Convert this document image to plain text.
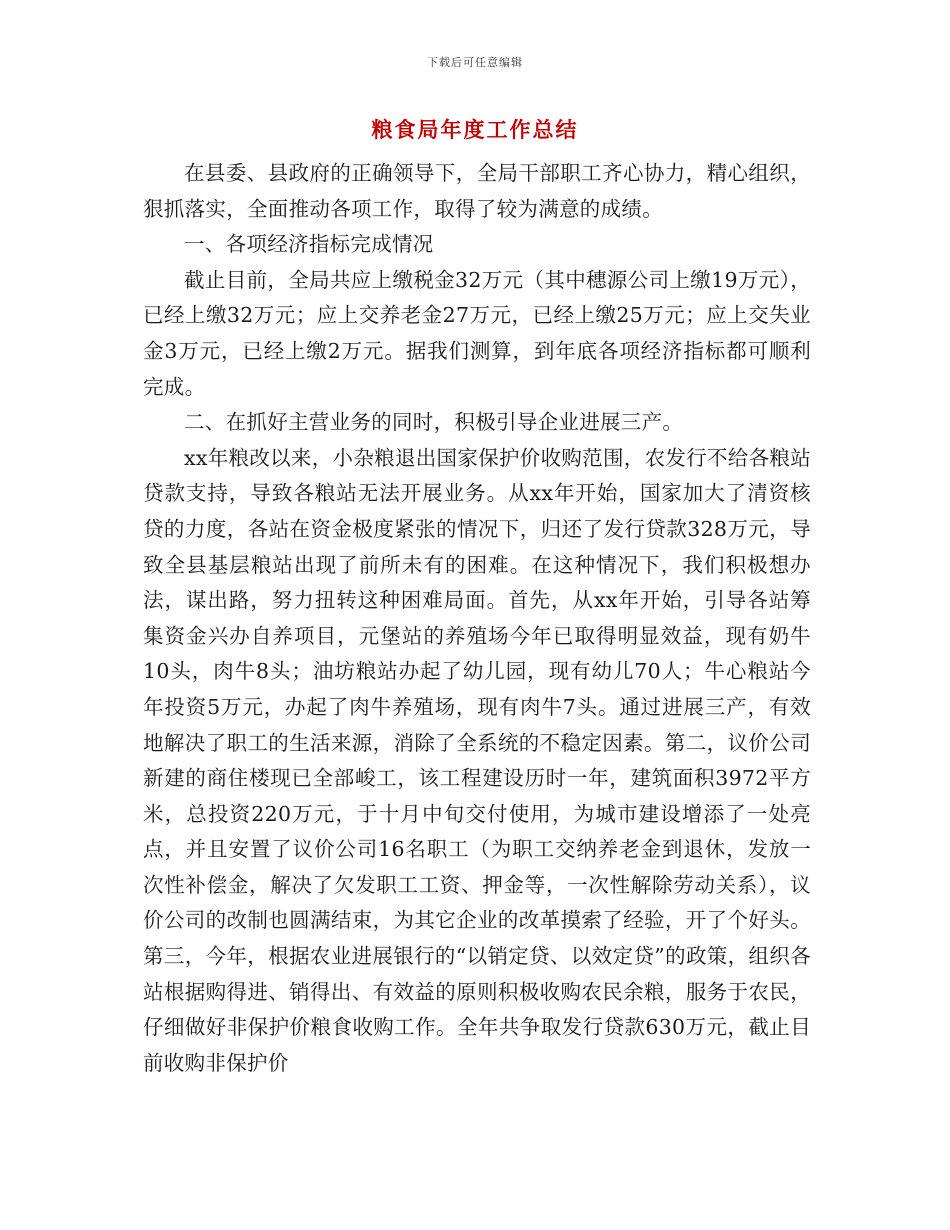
下载后可任意编辑
粮食局年度工作总结

在县委、县政府的正确领导下，全局干部职工齐心协力，精心组织，狠抓落实，全面推动各项工作，取得了较为满意的成绩。

一、各项经济指标完成情况

截止目前，全局共应上缴税金32万元（其中穗源公司上缴19万元），已经上缴32万元；应上交养老金27万元，已经上缴25万元；应上交失业金3万元，已经上缴2万元。据我们测算，到年底各项经济指标都可顺利完成。

二、在抓好主营业务的同时，积极引导企业进展三产。

xx年粮改以来，小杂粮退出国家保护价收购范围，农发行不给各粮站贷款支持，导致各粮站无法开展业务。从xx年开始，国家加大了清资核贷的力度，各站在资金极度紧张的情况下，归还了发行贷款328万元，导致全县基层粮站出现了前所未有的困难。在这种情况下，我们积极想办法，谋出路，努力扭转这种困难局面。首先，从xx年开始，引导各站筹集资金兴办自养项目，元堡站的养殖场今年已取得明显效益，现有奶牛10头，肉牛8头；油坊粮站办起了幼儿园，现有幼儿70人；牛心粮站今年投资5万元，办起了肉牛养殖场，现有肉牛7头。通过进展三产，有效地解决了职工的生活来源，消除了全系统的不稳定因素。第二，议价公司新建的商住楼现已全部峻工，该工程建设历时一年，建筑面积3972平方米，总投资220万元，于十月中旬交付使用，为城市建设增添了一处亮点，并且安置了议价公司16名职工（为职工交纳养老金到退休，发放一次性补偿金，解决了欠发职工工资、押金等，一次性解除劳动关系），议价公司的改制也圆满结束，为其它企业的改革摸索了经验，开了个好头。第三，今年，根据农业进展银行的“以销定贷、以效定贷”的政策，组织各站根据购得进、销得出、有效益的原则积极收购农民余粮，服务于农民，仔细做好非保护价粮食收购工作。全年共争取发行贷款630万元，截止目前收购非保护价
